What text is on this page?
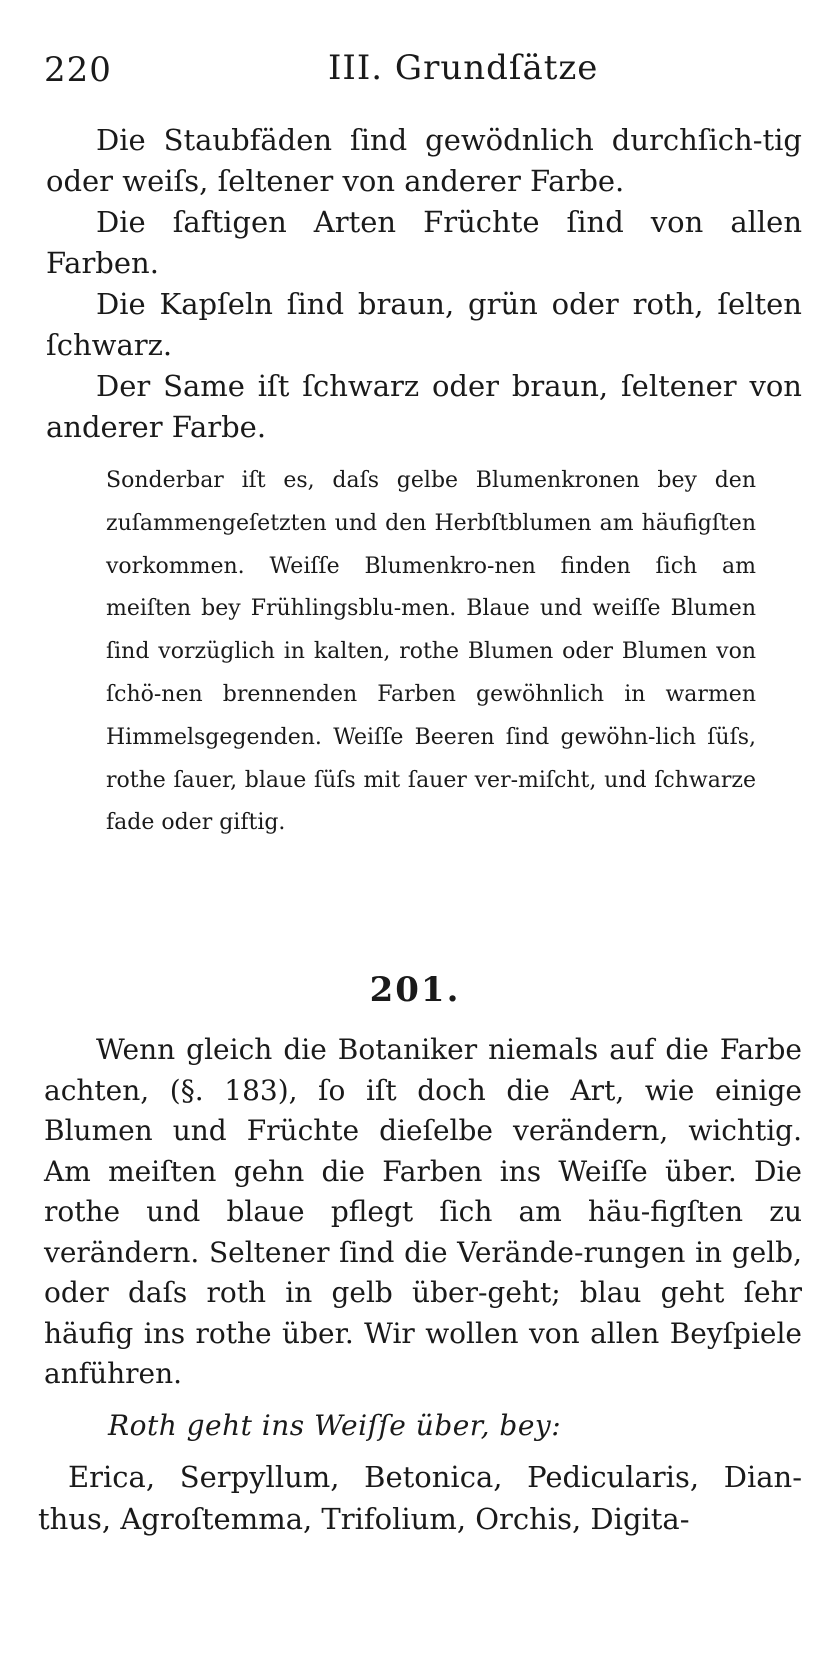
220	III. Grundſätze

Die Staubfäden ſind gewödnlich durchſich-tig oder weiſs, ſeltener von anderer Farbe.

Die ſaftigen Arten Früchte ſind von allen Farben.

Die Kapſeln ſind braun, grün oder roth, ſelten ſchwarz.

Der Same iſt ſchwarz oder braun, ſeltener von anderer Farbe.

Sonderbar iſt es, daſs gelbe Blumenkronen bey den zuſammengeſetzten und den Herbſtblumen am häufigſten vorkommen. Weiſſe Blumenkro-nen finden ſich am meiſten bey Frühlingsblu-men. Blaue und weiſſe Blumen ſind vorzüglich in kalten, rothe Blumen oder Blumen von ſchö-nen brennenden Farben gewöhnlich in warmen Himmelsgegenden. Weiſſe Beeren ſind gewöhn-lich ſüſs, rothe ſauer, blaue ſüſs mit ſauer ver-miſcht, und ſchwarze fade oder giftig.

201.

Wenn gleich die Botaniker niemals auf die Farbe achten, (§. 183), ſo iſt doch die Art, wie einige Blumen und Früchte dieſelbe verändern, wichtig. Am meiſten gehn die Farben ins Weiſſe über. Die rothe und blaue pflegt ſich am häu-figſten zu verändern. Seltener ſind die Verände-rungen in gelb, oder daſs roth in gelb über-geht; blau geht ſehr häufig ins rothe über. Wir wollen von allen Beyſpiele anführen.

Roth geht ins Weiſſe über, bey:

Erica, Serpyllum, Betonica, Pedicularis, Dian-thus, Agroſtemma, Trifolium, Orchis, Digita-
